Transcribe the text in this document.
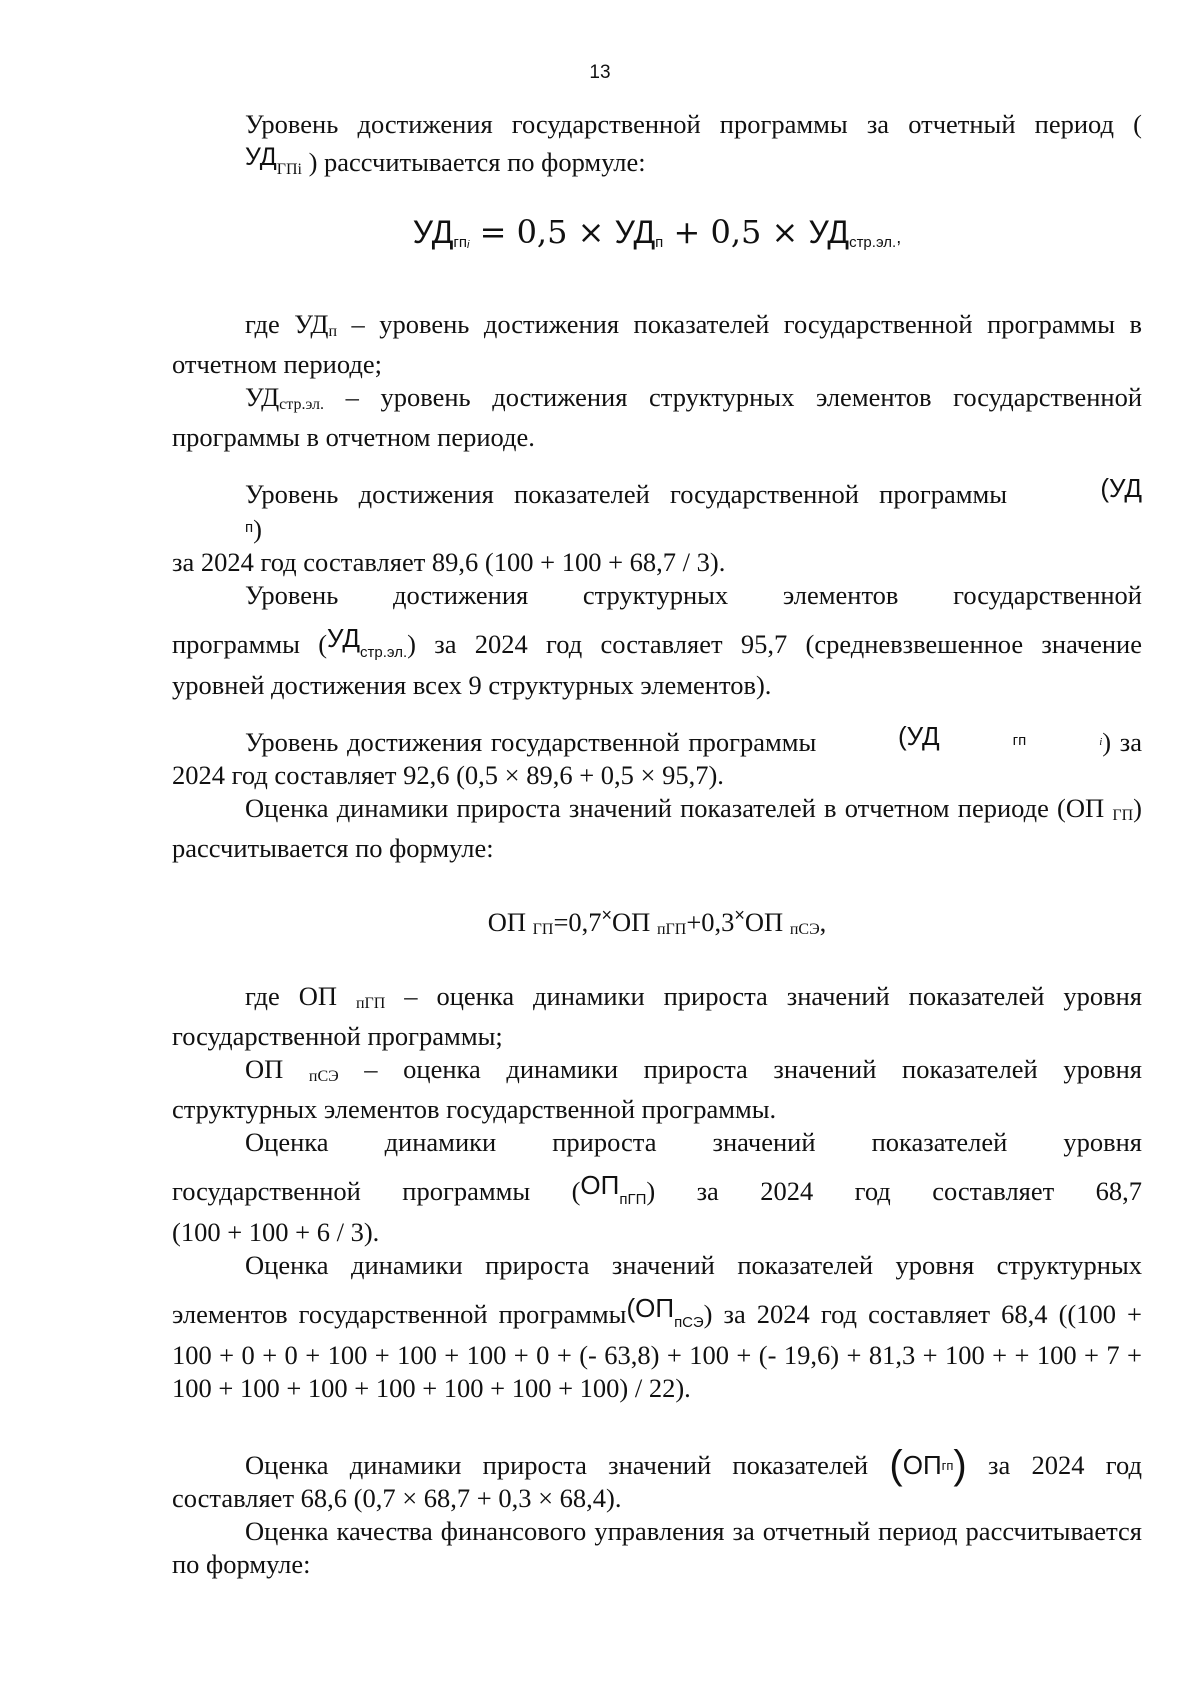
13

Уровень достижения государственной программы за отчетный период (УДГПi ) рассчитывается по формуле:

$УД_{гп}i = 0,5 \times УД_п + 0,5 \times УД_{стр.эл.}$,

где УДп – уровень достижения показателей государственной программы в отчетном периоде;

УДстр.эл. – уровень достижения структурных элементов государственной программы в отчетном периоде.

Уровень достижения показателей государственной программы	(УДп)

за 2024 год составляет 89,6 (100 + 100 + 68,7 / 3).

Уровень достижения структурных элементов государственной

программы $(УД_{стр.эл.})$ за 2024 год составляет 95,7 (средневзвешенное значение уровней достижения всех 9 структурных элементов).

Уровень достижения государственной программы	(УД	гп	i) за 2024 год составляет 92,6 (0,5 × 89,6 + 0,5 × 95,7).

Оценка динамики прироста значений показателей в отчетном периоде (ОП ГП) рассчитывается по формуле:

ОП ГП=0,7×ОП пГП+0,3×ОП пСЭ,

где ОП пГП – оценка динамики прироста значений показателей уровня государственной программы;

ОП пСЭ – оценка динамики прироста значений показателей уровня структурных элементов государственной программы.

Оценка динамики прироста значений показателей уровня

государственной программы $(ОП_{пГП})$ за 2024 год составляет 68,7

(100 + 100 + 6 / 3).

Оценка динамики прироста значений показателей уровня структурных

элементов государственной $программы(ОП_{пСЭ})$ за 2024 год составляет 68,4 ((100 + 100 + 0 + 0 + 100 + 100 + 100 + 0 + (- 63,8) + 100 + (- 19,6) + 81,3 + 100 + + 100 + 7 + 100 + 100 + 100 + 100 + 100 + 100 + 100) / 22).

Оценка динамики прироста значений показателей (ОПгп) за 2024 год составляет 68,6 (0,7 × 68,7 + 0,3 × 68,4).

Оценка качества финансового управления за отчетный период рассчитывается по формуле:
